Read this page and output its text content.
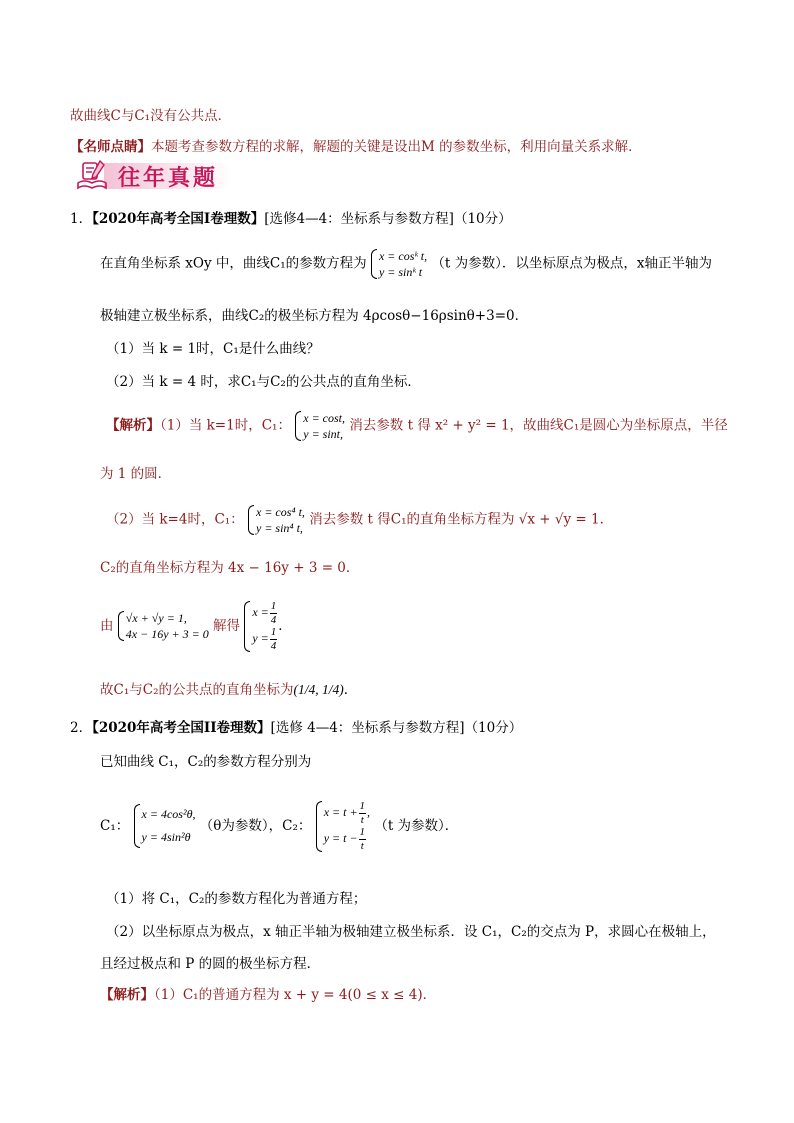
故曲线C与C₁没有公共点．
【名师点睛】本题考查参数方程的求解，解题的关键是设出M 的参数坐标，利用向量关系求解．
往年真题
1．【2020年高考全国Ⅰ卷理数】[选修4—4：坐标系与参数方程]（10分）
在直角坐标系 xOy 中，曲线C₁的参数方程为 x = cosᵏ t,
y = sinᵏ t
（t 为参数）．以坐标原点为极点，x轴正半轴为
极轴建立极坐标系，曲线C₂的极坐标方程为 4ρcosθ−16ρsinθ+3=0．
（1）当 k = 1时，C₁是什么曲线？
（2）当 k = 4 时，求C₁与C₂的公共点的直角坐标．
【解析】（1）当 k=1时，C₁： x = cost,
y = sint,
消去参数 t 得 x² + y² = 1，故曲线C₁是圆心为坐标原点，半径
为 1 的圆．
（2）当 k=4时，C₁： x = cos⁴ t,
y = sin⁴ t,
消去参数 t 得C₁的直角坐标方程为 √x + √y = 1．
C₂的直角坐标方程为 4x − 16y + 3 = 0．
由 √x + √y = 1,
4x − 16y + 3 = 0
解得
$x = \frac{1}{4}$
$y = \frac{1}{4}$
．
故C₁与C₂的公共点的直角坐标为(1/4, 1/4)．
2．【2020年高考全国II卷理数】[选修 4—4：坐标系与参数方程]（10分）
已知曲线 C₁，C₂的参数方程分别为
C₁：
x = 4cos²θ,
y = 4sin²θ
（θ为参数），C₂：
$x = t + \frac{1}{t}$ ,
$y = t - \frac{1}{t}$
（t 为参数）．
（1）将 C₁，C₂的参数方程化为普通方程；
（2）以坐标原点为极点，x 轴正半轴为极轴建立极坐标系．设 C₁，C₂的交点为 P，求圆心在极轴上，
且经过极点和 P 的圆的极坐标方程．
【解析】（1）C₁的普通方程为 x + y = 4(0 ≤ x ≤ 4)．
